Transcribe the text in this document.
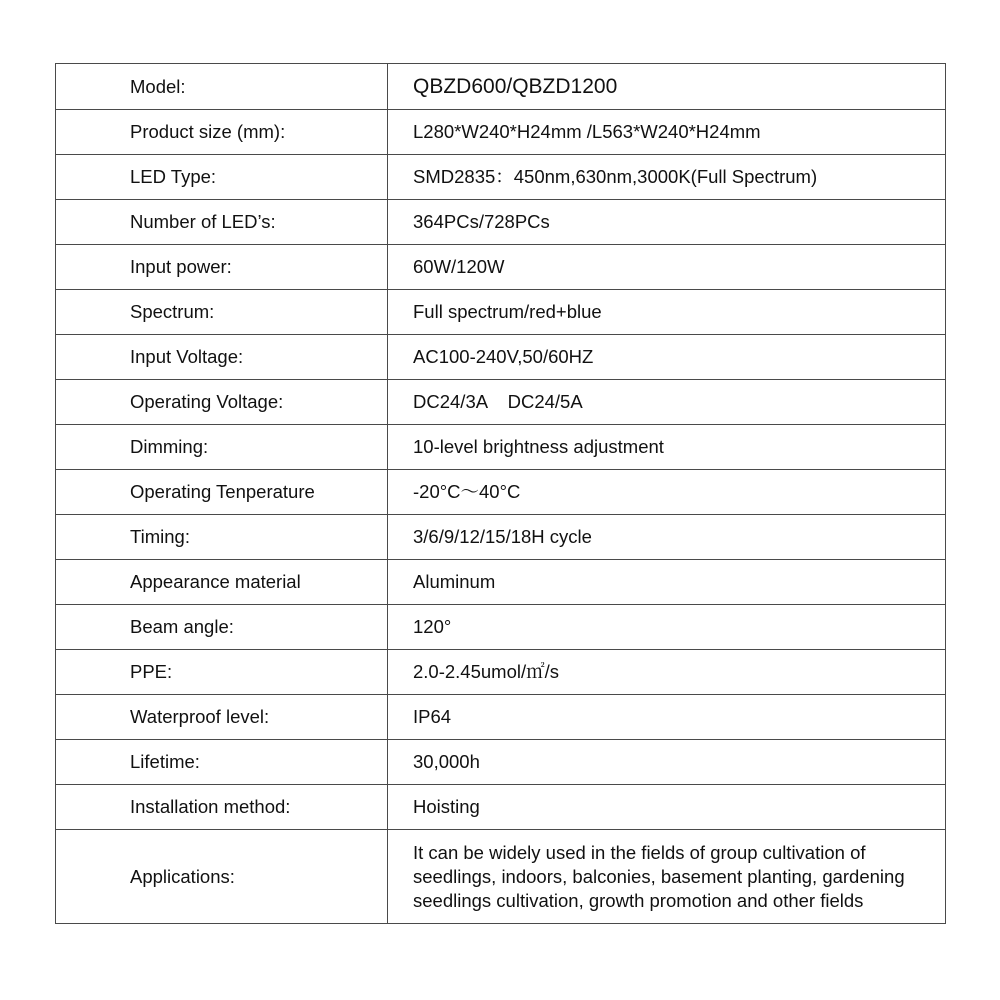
Model:	QBZD600/QBZD1200
Product size (mm):	L280*W240*H24mm /L563*W240*H24mm
LED Type:	SMD2835：450nm,630nm,3000K(Full Spectrum)
Number of LED’s:	364PCs/728PCs
Input power:	60W/120W
Spectrum:	Full spectrum/red+blue
Input Voltage:	AC100-240V,50/60HZ
Operating Voltage:	DC24/3A    DC24/5A
Dimming:	10-level brightness adjustment
Operating Tenperature	-20°C～40°C
Timing:	3/6/9/12/15/18H cycle
Appearance material	Aluminum
Beam angle:	120°
PPE:	2.0-2.45umol/㎡/s
Waterproof level:	IP64
Lifetime:	30,000h
Installation method:	Hoisting
Applications:	It can be widely used in the fields of group cultivation of seedlings, indoors, balconies, basement planting, gardening seedlings cultivation, growth promotion and other fields
